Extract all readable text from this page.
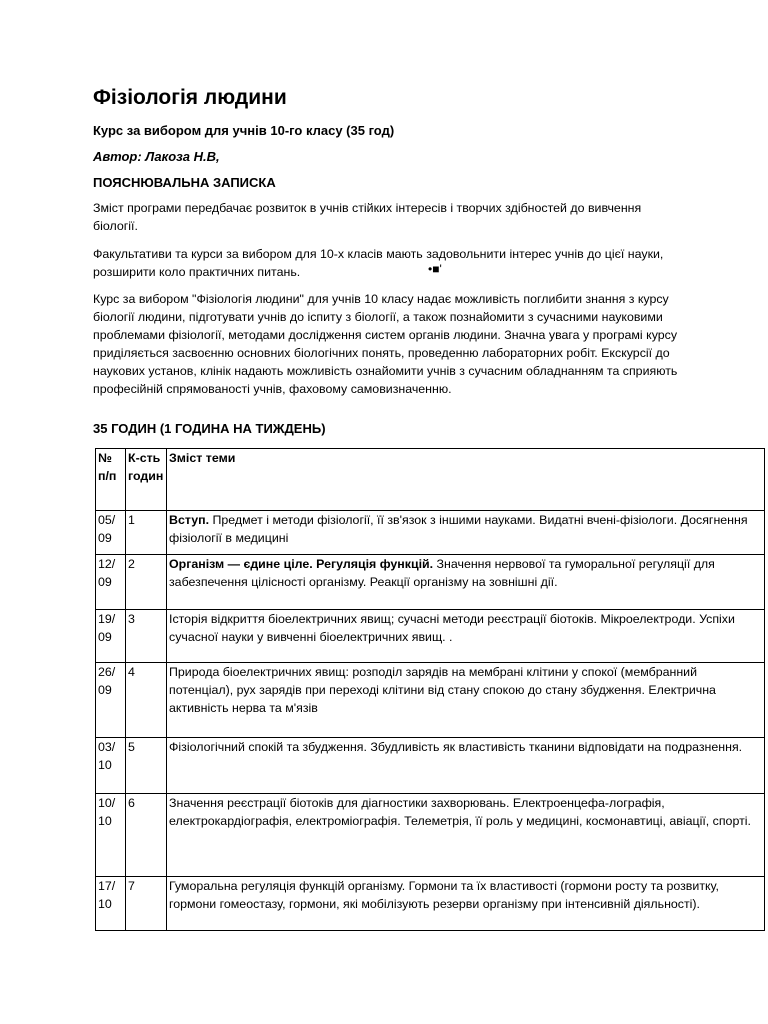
Фізіологія людини

Курс за вибором для учнів 10-го класу (35 год)

Автор: Лакоза Н.В,

ПОЯСНЮВАЛЬНА ЗАПИСКА

Зміст програми передбачає розвиток в учнів стійких інтересів і творчих здібностей до вивчення біології.

Факультативи та курси за вибором для 10-х класів мають задовольнити інтерес учнів до цієї науки, розширити коло практичних питань.	•■'

Курс за вибором "Фізіологія людини" для учнів 10 класу надає можливість поглибити знання з курсу біології людини, підготувати учнів до іспиту з біології, а також познайомити з сучасними науковими проблемами фізіології, методами дослідження систем органів людини. Значна увага у програмі курсу приділяється засвоєнню основних біологічних понять, проведенню лабораторних робіт. Екскурсії до наукових установ, клінік надають можливість ознайомити учнів з сучасним обладнанням та сприяють професійній спрямованості учнів, фаховому самовизначенню.

35 ГОДИН (1 ГОДИНА НА ТИЖДЕНЬ)

№ п/п	К-сть годин	Зміст теми
05/ 09	1	Вступ. Предмет і методи фізіології, її зв'язок з іншими науками. Видатні вчені-фізіологи. Досягнення фізіології в медицині
12/ 09	2	Організм — єдине ціле. Регуляція функцій. Значення нервової та гуморальної регуляції для забезпечення цілісності організму. Реакції організму на зовнішні дії.
19/ 09	3	Історія відкриття біоелектричних явищ; сучасні методи реєстрації біотоків. Мікроелектроди. Успіхи сучасної науки у вивченні біоелектричних явищ. .
26/ 09	4	Природа біоелектричних явищ: розподіл зарядів на мембрані клітини у спокої (мембранний потенціал), рух зарядів при переході клітини від стану спокою до стану збудження. Електрична активність нерва та м'язів
03/ 10	5	Фізіологічний спокій та збудження. Збудливість як властивість тканини відповідати на подразнення.
10/ 10	6	Значення реєстрації біотоків для діагностики захворювань. Електроенцефа-лографія, електрокардіографія, електроміографія. Телеметрія, її роль у медицині, космонавтиці, авіації, спорті.
17/ 10	7	Гуморальна регуляція функцій організму. Гормони та їх властивості (гормони росту та розвитку, гормони гомеостазу, гормони, які мобілізують резерви організму при інтенсивній діяльності).
